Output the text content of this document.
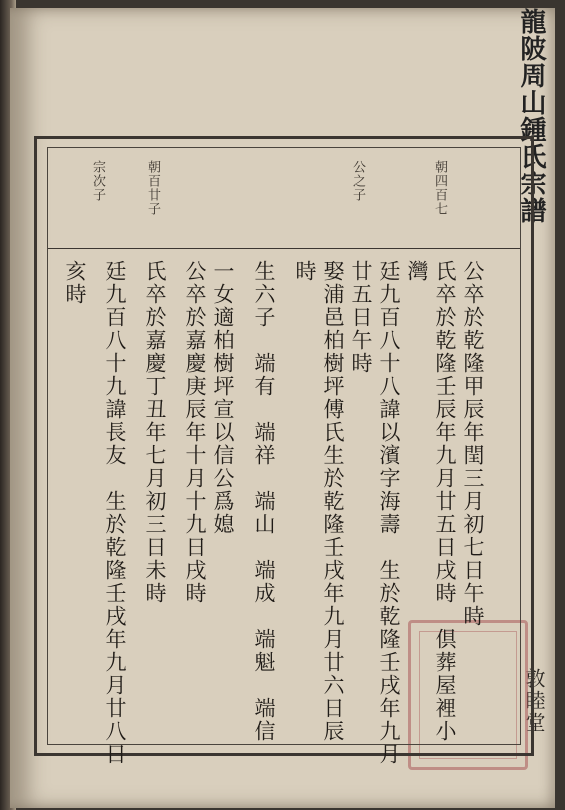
龍陂周山鍾氏宗譜
敦睦堂
朝四百七
公之子
朝百廿子
宗次子
公卒於乾隆甲辰年閏三月初七日午時
氏卒於乾隆壬辰年九月廿五日戌時　倶葬屋裡小
灣
廷九百八十八諱以濱字海壽　生於乾隆壬戌年九月
廿五日午時
娶浦邑柏樹坪傅氏生於乾隆壬戌年九月廿六日辰
時
生六子　端有　端祥　端山　端成　端魁　端信
一女適柏樹坪宣以信公爲媳
公卒於嘉慶庚辰年十月十九日戌時
氏卒於嘉慶丁丑年七月初三日未時
廷九百八十九諱長友　生於乾隆壬戌年九月廿八日
亥時
